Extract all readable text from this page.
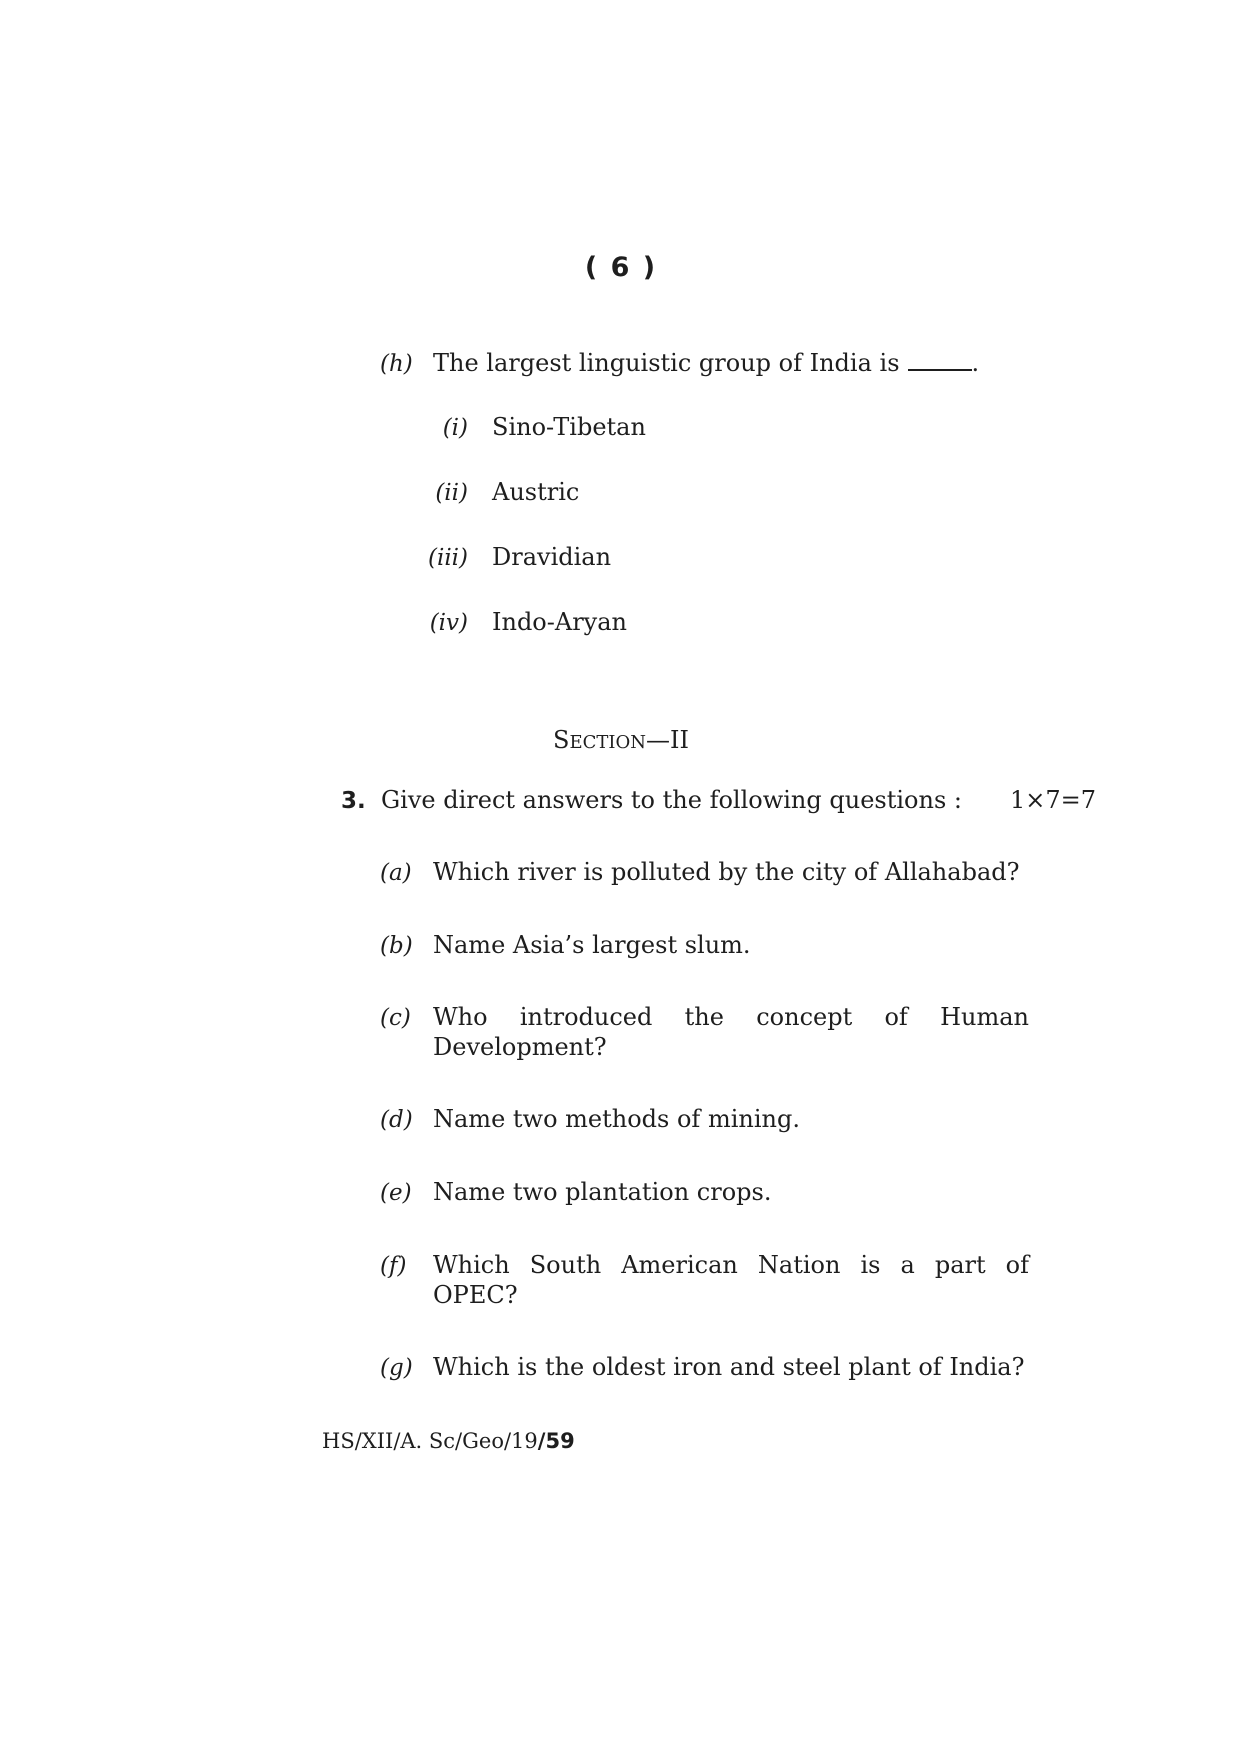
( 6 )
(h) The largest linguistic group of India is	.
(i) Sino-Tibetan
(ii) Austric
(iii) Dravidian
(iv) Indo-Aryan
SECTION—II
3. Give direct answers to the following questions : 1×7=7
(a) Which river is polluted by the city of Allahabad?
(b) Name Asia’s largest slum.
(c) Who introduced the concept of Human
Development?
(d) Name two methods of mining.
(e) Name two plantation crops.
(f) Which South American Nation is a part of
OPEC?
(g) Which is the oldest iron and steel plant of India?
HS/XII/A. Sc/Geo/19/59
